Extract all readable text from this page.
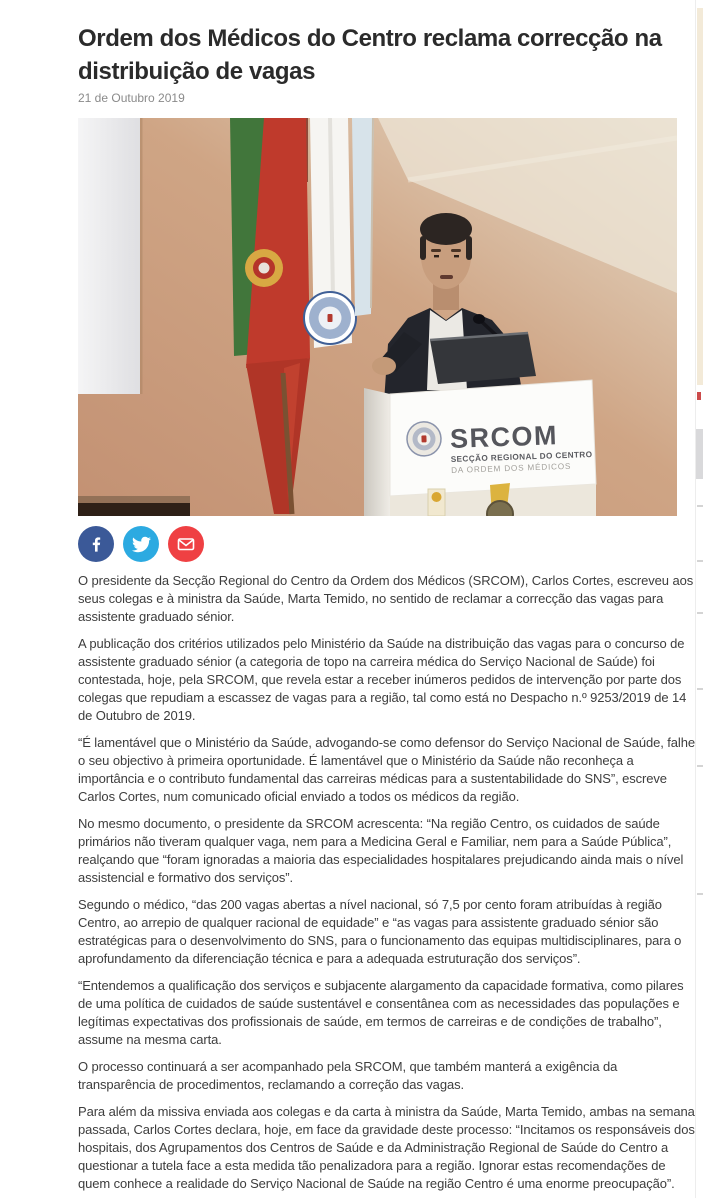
Ordem dos Médicos do Centro reclama correcção na distribuição de vagas
21 de Outubro 2019
SRCOM
SECÇÃO REGIONAL DO CENTRO
DA ORDEM DOS MÉDICOS

O presidente da Secção Regional do Centro da Ordem dos Médicos (SRCOM), Carlos Cortes, escreveu aos seus colegas e à ministra da Saúde, Marta Temido, no sentido de reclamar a correcção das vagas para assistente graduado sénior.

A publicação dos critérios utilizados pelo Ministério da Saúde na distribuição das vagas para o concurso de assistente graduado sénior (a categoria de topo na carreira médica do Serviço Nacional de Saúde) foi contestada, hoje, pela SRCOM, que revela estar a receber inúmeros pedidos de intervenção por parte dos colegas que repudiam a escassez de vagas para a região, tal como está no Despacho n.º 9253/2019 de 14 de Outubro de 2019.

“É lamentável que o Ministério da Saúde, advogando-se como defensor do Serviço Nacional de Saúde, falhe o seu objectivo à primeira oportunidade. É lamentável que o Ministério da Saúde não reconheça a importância e o contributo fundamental das carreiras médicas para a sustentabilidade do SNS”, escreve Carlos Cortes, num comunicado oficial enviado a todos os médicos da região.

No mesmo documento, o presidente da SRCOM acrescenta: “Na região Centro, os cuidados de saúde primários não tiveram qualquer vaga, nem para a Medicina Geral e Familiar, nem para a Saúde Pública”, realçando que “foram ignoradas a maioria das especialidades hospitalares prejudicando ainda mais o nível assistencial e formativo dos serviços”.

Segundo o médico, “das 200 vagas abertas a nível nacional, só 7,5 por cento foram atribuídas à região Centro, ao arrepio de qualquer racional de equidade” e “as vagas para assistente graduado sénior são estratégicas para o desenvolvimento do SNS, para o funcionamento das equipas multidisciplinares, para o aprofundamento da diferenciação técnica e para a adequada estruturação dos serviços”.

“Entendemos a qualificação dos serviços e subjacente alargamento da capacidade formativa, como pilares de uma política de cuidados de saúde sustentável e consentânea com as necessidades das populações e legítimas expectativas dos profissionais de saúde, em termos de carreiras e de condições de trabalho”, assume na mesma carta.

O processo continuará a ser acompanhado pela SRCOM, que também manterá a exigência da transparência de procedimentos, reclamando a correção das vagas.

Para além da missiva enviada aos colegas e da carta à ministra da Saúde, Marta Temido, ambas na semana passada, Carlos Cortes declara, hoje, em face da gravidade deste processo: “Incitamos os responsáveis dos hospitais, dos Agrupamentos dos Centros de Saúde e da Administração Regional de Saúde do Centro a questionar a tutela face a esta medida tão penalizadora para a região. Ignorar estas recomendações de quem conhece a realidade do Serviço Nacional de Saúde na região Centro é uma enorme preocupação”.
